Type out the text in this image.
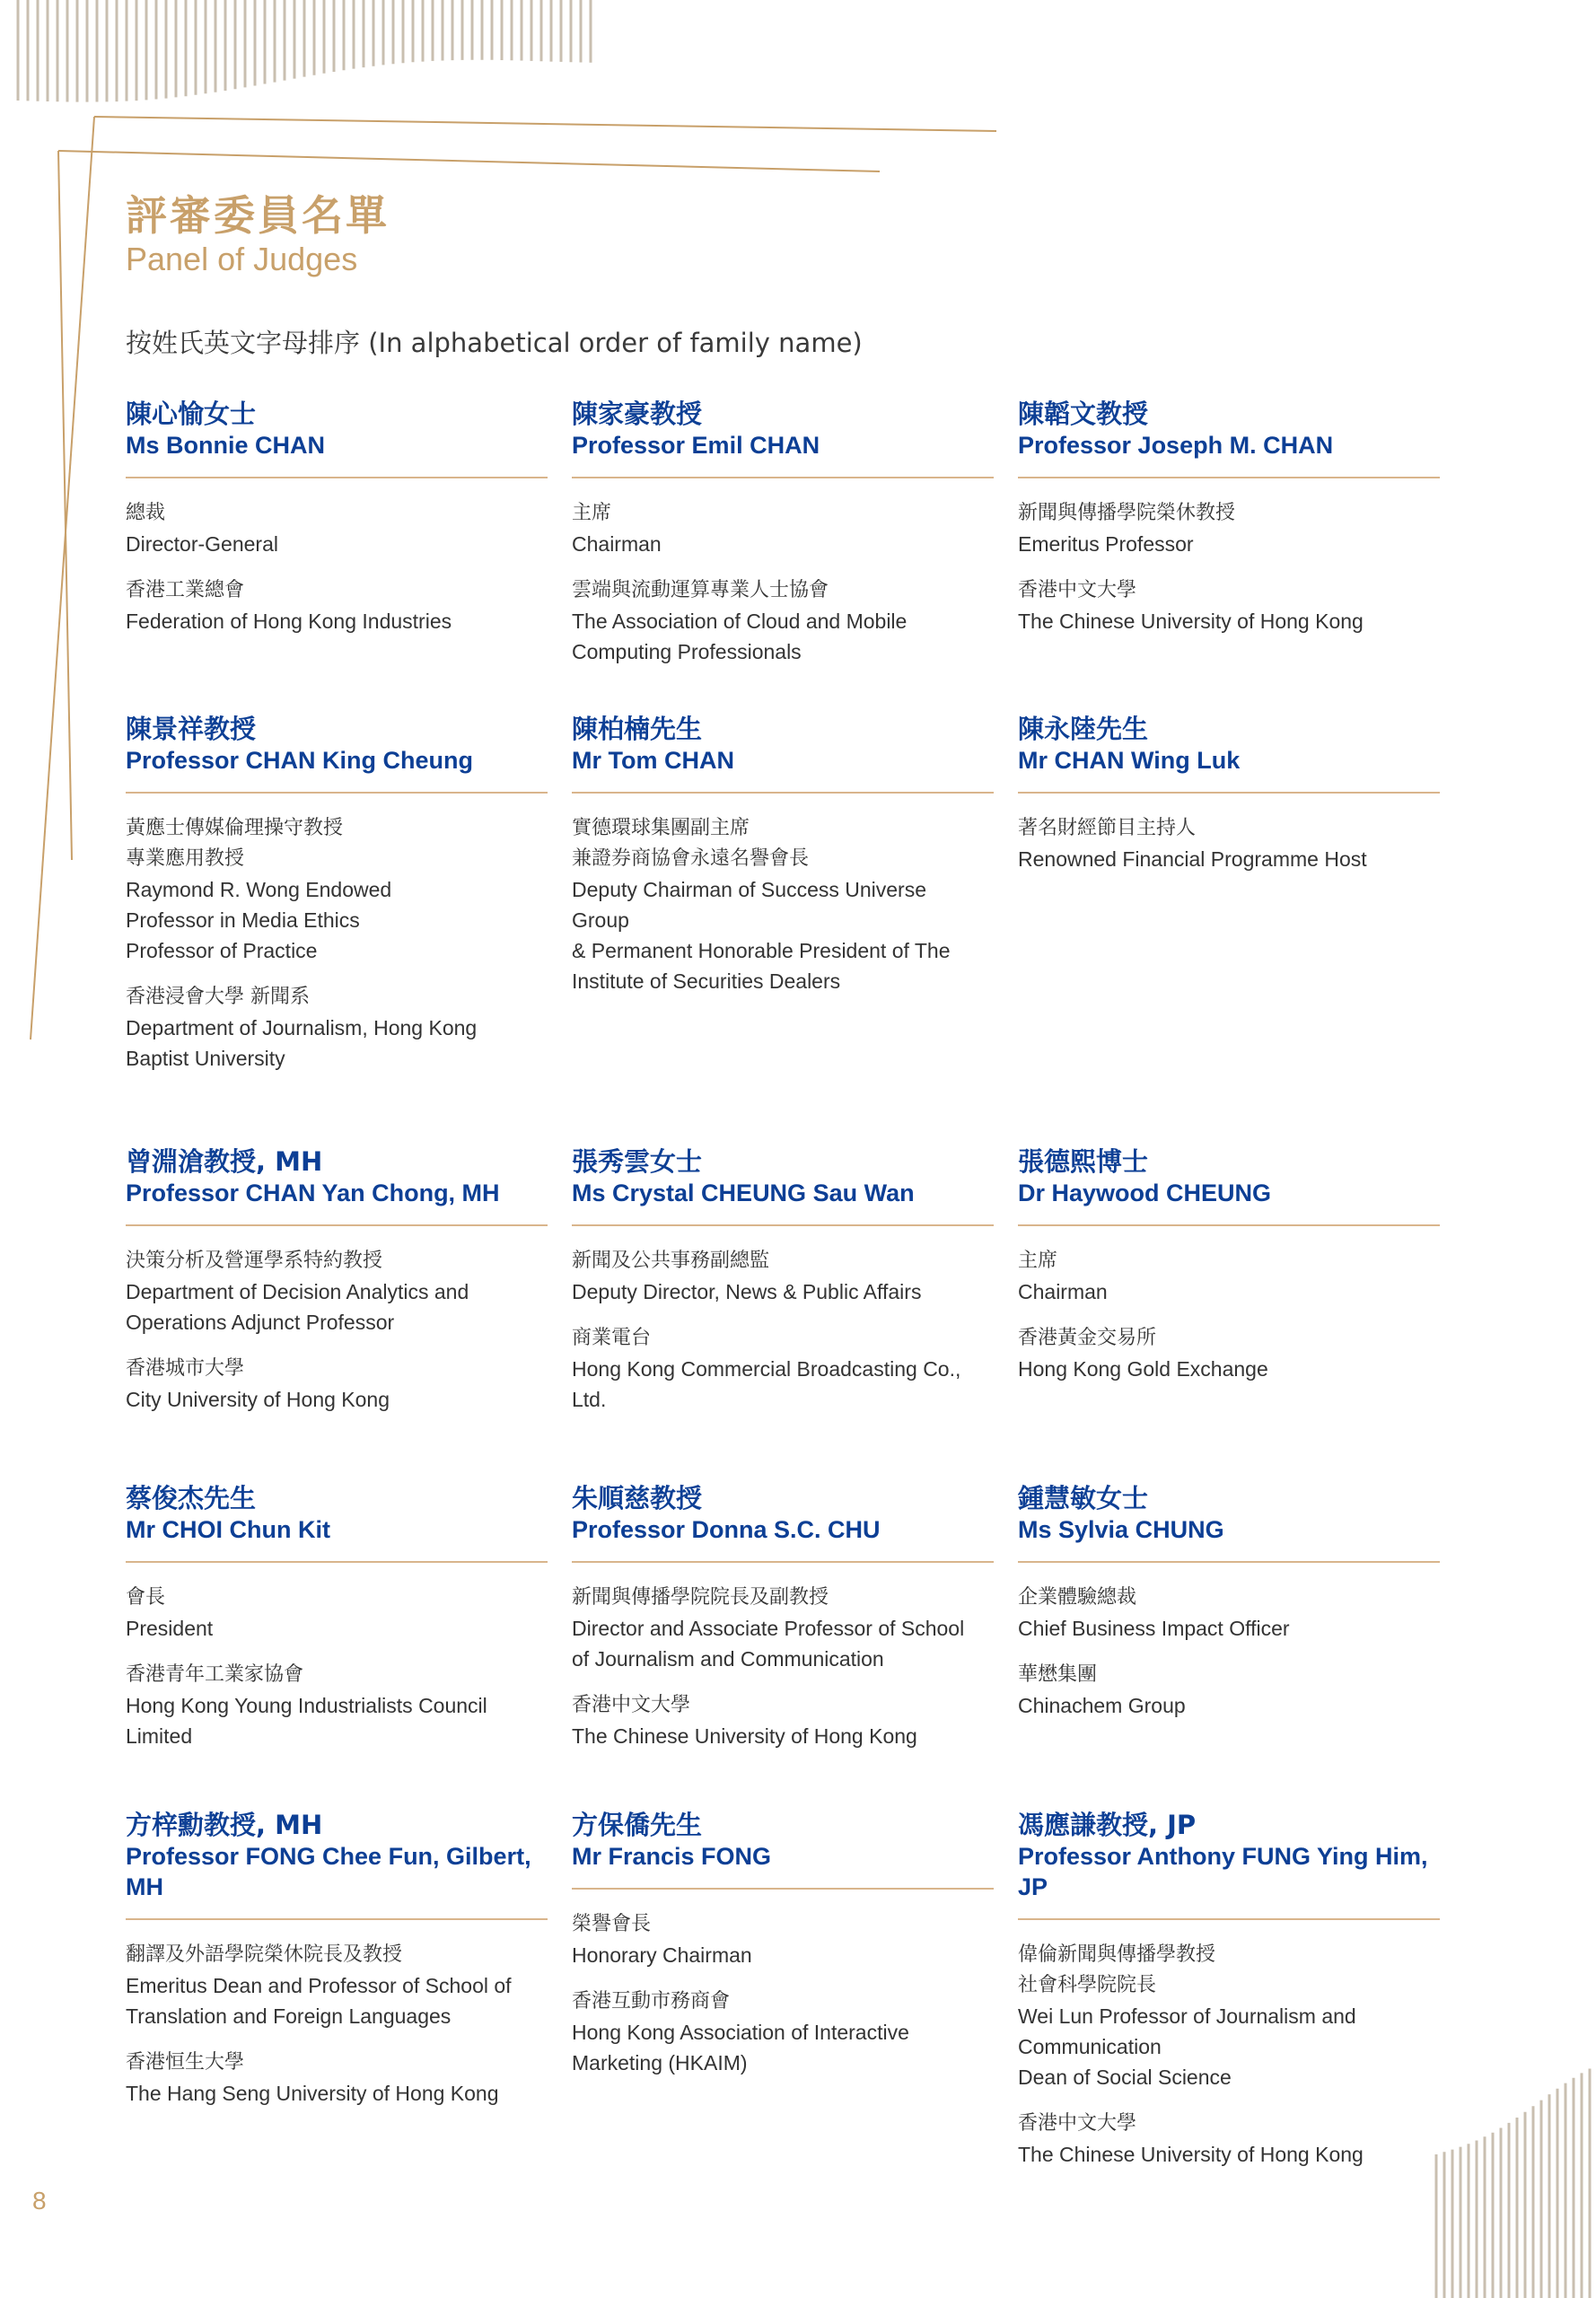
評審委員名單
Panel of Judges
按姓氏英文字母排序 (In alphabetical order of family name)
陳心愉女士
Ms Bonnie CHAN
總裁
Director-General
香港工業總會
Federation of Hong Kong Industries
陳家豪教授
Professor Emil CHAN
主席
Chairman
雲端與流動運算專業人士協會
The Association of Cloud and Mobile
Computing Professionals
陳韜文教授
Professor Joseph M. CHAN
新聞與傳播學院榮休教授
Emeritus Professor
香港中文大學
The Chinese University of Hong Kong
陳景祥教授
Professor CHAN King Cheung
黃應士傳媒倫理操守教授
專業應用教授
Raymond R. Wong Endowed
Professor in Media Ethics
Professor of Practice
香港浸會大學 新聞系
Department of Journalism, Hong Kong
Baptist University
陳柏楠先生
Mr Tom CHAN
實德環球集團副主席
兼證券商協會永遠名譽會長
Deputy Chairman of Success Universe
Group
& Permanent Honorable President of The
Institute of Securities Dealers
陳永陸先生
Mr CHAN Wing Luk
著名財經節目主持人
Renowned Financial Programme Host
曾淵滄教授, MH
Professor CHAN Yan Chong, MH
決策分析及營運學系特約教授
Department of Decision Analytics and
Operations Adjunct Professor
香港城市大學
City University of Hong Kong
張秀雲女士
Ms Crystal CHEUNG Sau Wan
新聞及公共事務副總監
Deputy Director, News & Public Affairs
商業電台
Hong Kong Commercial Broadcasting Co.,
Ltd.
張德熙博士
Dr Haywood CHEUNG
主席
Chairman
香港黃金交易所
Hong Kong Gold Exchange
蔡俊杰先生
Mr CHOI Chun Kit
會長
President
香港青年工業家協會
Hong Kong Young Industrialists Council
Limited
朱順慈教授
Professor Donna S.C. CHU
新聞與傳播學院院長及副教授
Director and Associate Professor of School
of Journalism and Communication
香港中文大學
The Chinese University of Hong Kong
鍾慧敏女士
Ms Sylvia CHUNG
企業體驗總裁
Chief Business Impact Officer
華懋集團
Chinachem Group
方梓勳教授, MH
Professor FONG Chee Fun, Gilbert, MH
翻譯及外語學院榮休院長及教授
Emeritus Dean and Professor of School of
Translation and Foreign Languages
香港恒生大學
The Hang Seng University of Hong Kong
方保僑先生
Mr Francis FONG
榮譽會長
Honorary Chairman
香港互動市務商會
Hong Kong Association of Interactive
Marketing (HKAIM)
馮應謙教授, JP
Professor Anthony FUNG Ying Him, JP
偉倫新聞與傳播學教授
社會科學院院長
Wei Lun Professor of Journalism and
Communication
Dean of Social Science
香港中文大學
The Chinese University of Hong Kong
8
